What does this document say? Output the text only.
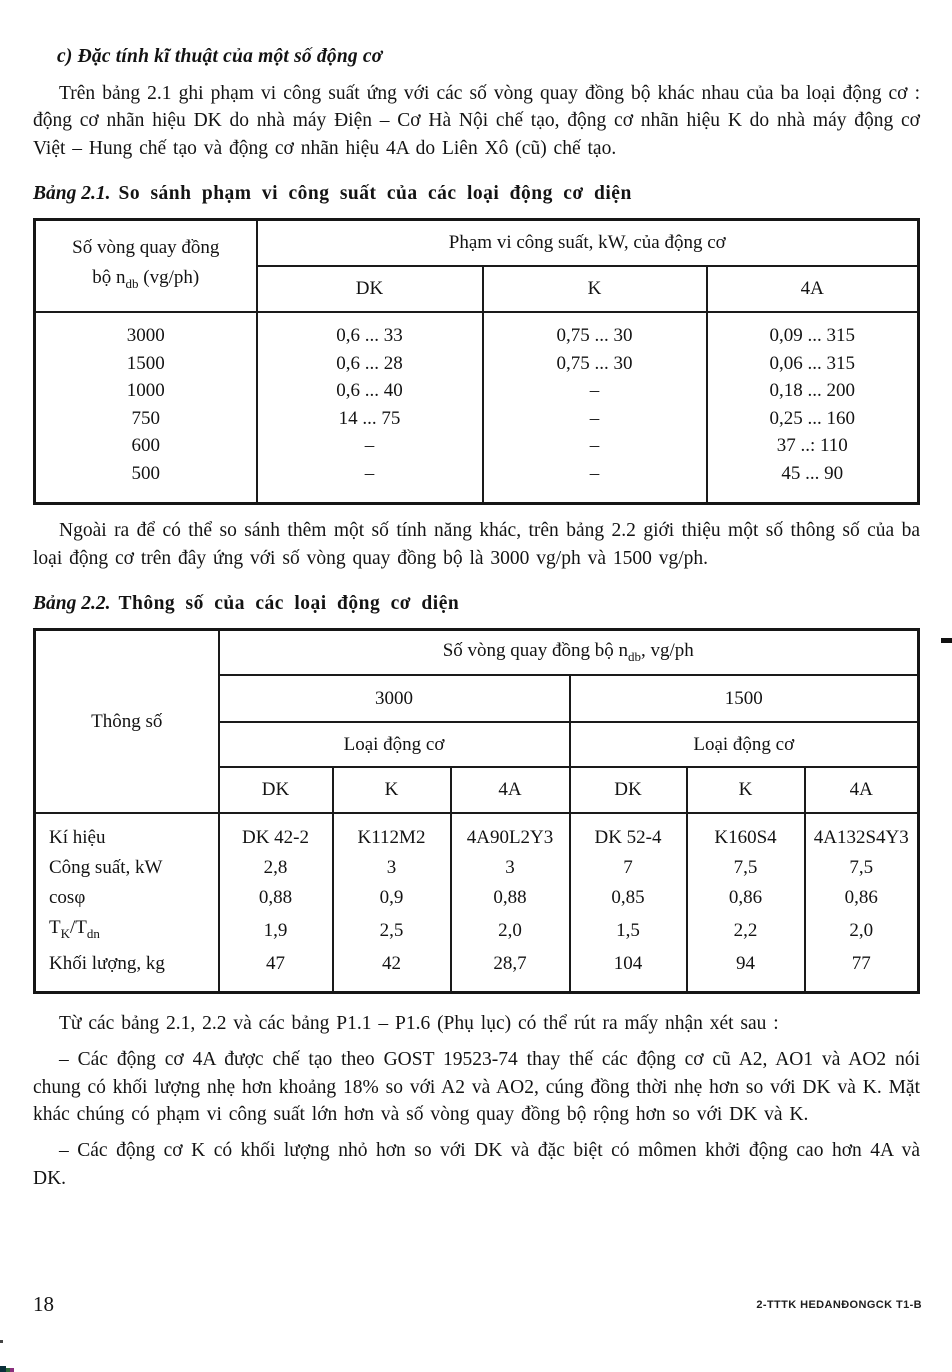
c) Đặc tính kĩ thuật của một số động cơ

Trên bảng 2.1 ghi phạm vi công suất ứng với các số vòng quay đồng bộ khác nhau của ba loại động cơ : động cơ nhãn hiệu DK do nhà máy Điện – Cơ Hà Nội chế tạo, động cơ nhãn hiệu K do nhà máy động cơ Việt – Hung chế tạo và động cơ nhãn hiệu 4A do Liên Xô (cũ) chế tạo.

Bảng 2.1. So sánh phạm vi công suất của các loại động cơ diện
Số vòng quay đồng
bộ $n_{db}$ (vg/ph)	Phạm vi công suất, kW, của động cơ		
	DK	K	4A
3000	0,6 ... 33	0,75 ... 30	0,09 ... 315
1500	0,6 ... 28	0,75 ... 30	0,06 ... 315
1000	0,6 ... 40	–	0,18 ... 200
750	14 ... 75	–	0,25 ... 160
600	–	–	37 ..: 110
500	–	–	45 ... 90

Ngoài ra để có thể so sánh thêm một số tính năng khác, trên bảng 2.2 giới thiệu một số thông số của ba loại động cơ trên đây ứng với số vòng quay đồng bộ là 3000 vg/ph và 1500 vg/ph.

Bảng 2.2. Thông số của các loại động cơ diện
Thông số	Số vòng quay đồng bộ $n_{db}$, vg/ph					
	3000			1500		
	Loại động cơ			Loại động cơ		
	DK	K	4A	DK	K	4A
Kí hiệu	DK 42-2	K112M2	4A90L2Y3	DK 52-4	K160S4	4A132S4Y3
Công suất, kW	2,8	3	3	7	7,5	7,5
cosφ	0,88	0,9	0,88	0,85	0,86	0,86
$T_K/T_{dn}$	1,9	2,5	2,0	1,5	2,2	2,0
Khối lượng, kg	47	42	28,7	104	94	77

Từ các bảng 2.1, 2.2 và các bảng P1.1 – P1.6 (Phụ lục) có thể rút ra mấy nhận xét sau :

– Các động cơ 4A được chế tạo theo GOST 19523-74 thay thế các động cơ cũ A2, AO1 và AO2 nói chung có khối lượng nhẹ hơn khoảng 18% so với A2 và AO2, cúng đồng thời nhẹ hơn so với DK và K. Mặt khác chúng có phạm vi công suất lớn hơn và số vòng quay đồng bộ rộng hơn so với DK và K.

– Các động cơ K có khối lượng nhỏ hơn so với DK và đặc biệt có mômen khởi động cao hơn 4A và DK.

18	2-TTTK HEDANĐONGCK T1-B
